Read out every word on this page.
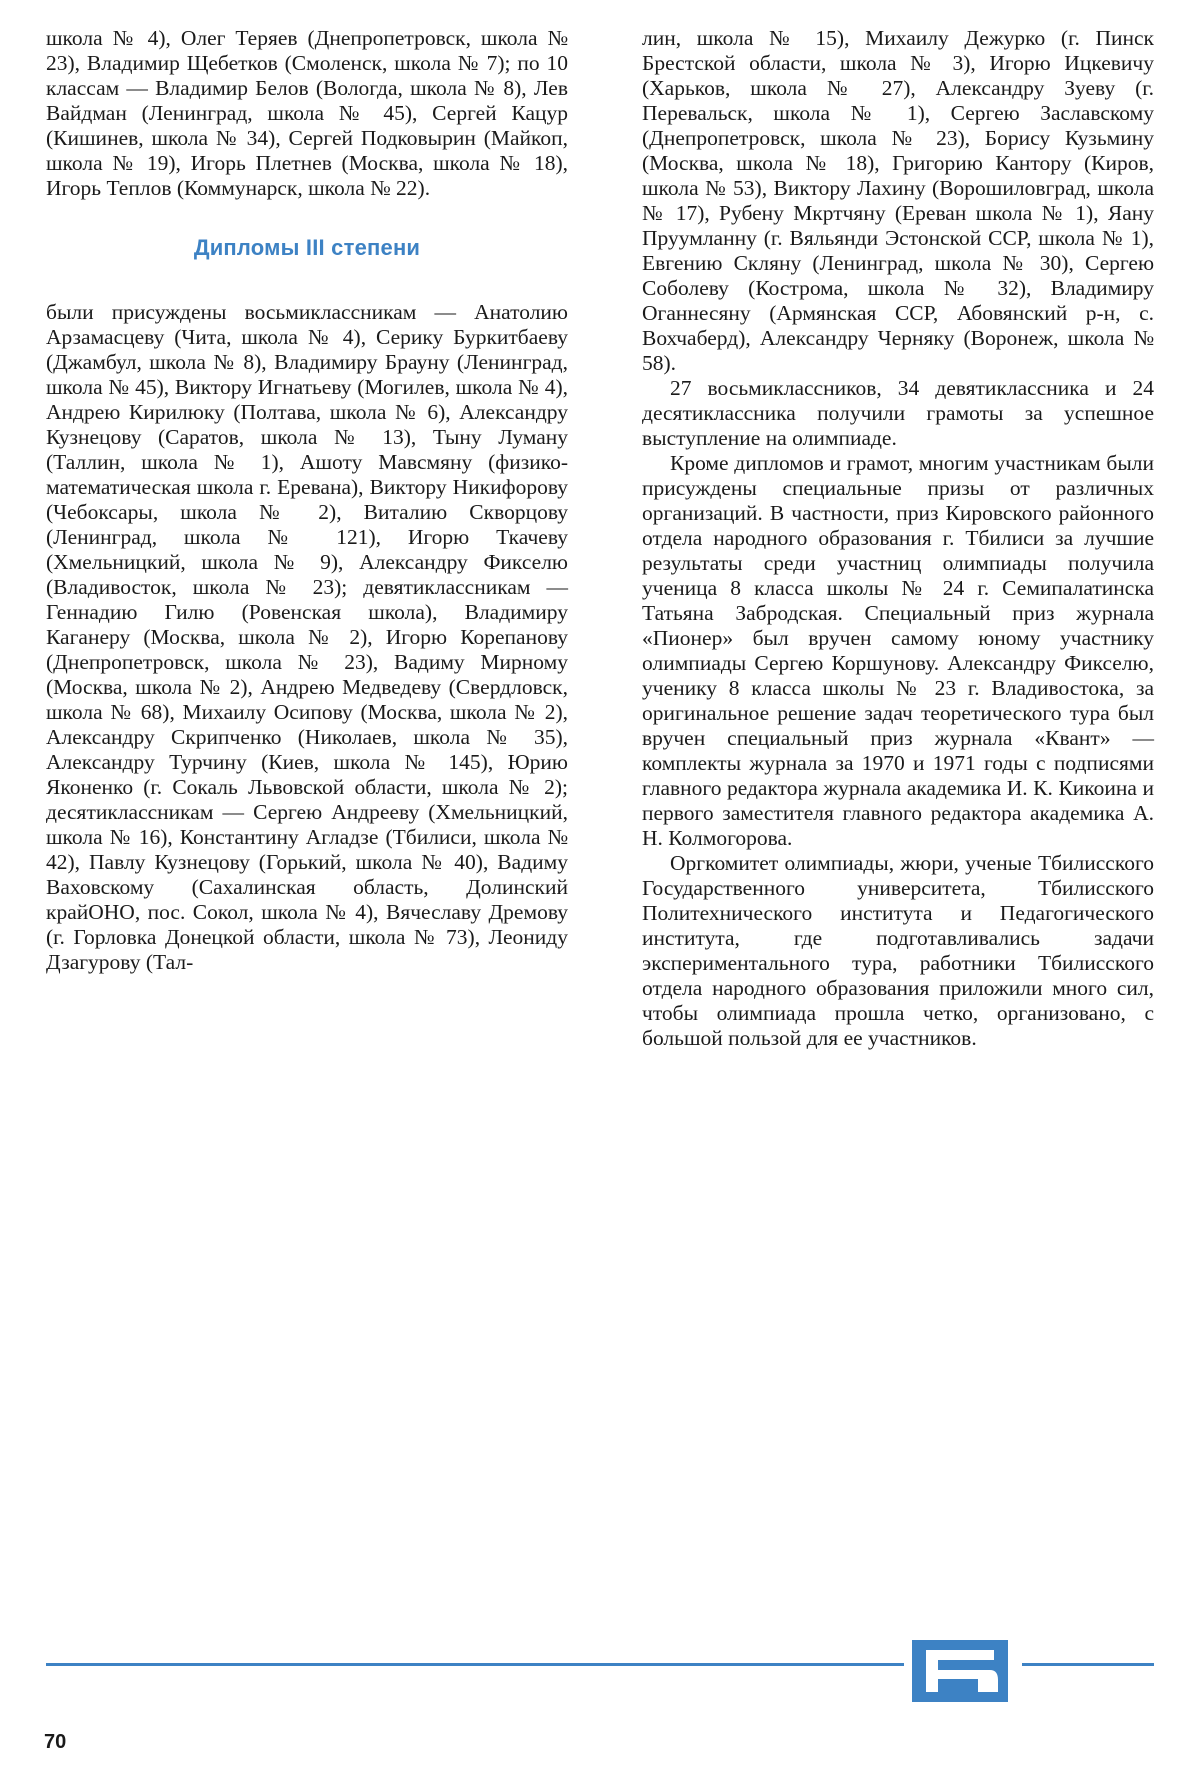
школа № 4), Олег Теряев (Днепропетровск, школа № 23), Владимир Щебетков (Смоленск, школа № 7); по 10 классам — Владимир Белов (Вологда, школа № 8), Лев Вайдман (Ленинград, школа № 45), Сергей Кацур (Кишинев, школа № 34), Сергей Подковырин (Майкоп, школа № 19), Игорь Плетнев (Москва, школа № 18), Игорь Теплов (Коммунарск, школа № 22).

Дипломы III степени

были присуждены восьмиклассникам — Анатолию Арзамасцеву (Чита, школа № 4), Серику Буркитбаеву (Джамбул, школа № 8), Владимиру Брауну (Ленинград, школа № 45), Виктору Игнатьеву (Могилев, школа № 4), Андрею Кирилюку (Полтава, школа № 6), Александру Кузнецову (Саратов, школа № 13), Тыну Луману (Таллин, школа № 1), Ашоту Мавсмяну (физико-математическая школа г. Еревана), Виктору Никифорову (Чебоксары, школа № 2), Виталию Скворцову (Ленинград, школа № 121), Игорю Ткачеву (Хмельницкий, школа № 9), Александру Фикселю (Владивосток, школа № 23); девятиклассникам — Геннадию Гилю (Ровенская школа), Владимиру Каганеру (Москва, школа № 2), Игорю Корепанову (Днепропетровск, школа № 23), Вадиму Мирному (Москва, школа № 2), Андрею Медведеву (Свердловск, школа № 68), Михаилу Осипову (Москва, школа № 2), Александру Скрипченко (Николаев, школа № 35), Александру Турчину (Киев, школа № 145), Юрию Яконенко (г. Сокаль Львовской области, школа № 2); десятиклассникам — Сергею Андрееву (Хмельницкий, школа № 16), Константину Агладзе (Тбилиси, школа № 42), Павлу Кузнецову (Горький, школа № 40), Вадиму Ваховскому (Сахалинская область, Долинский крайОНО, пос. Сокол, школа № 4), Вячеславу Дремову (г. Горловка Донецкой области, школа № 73), Леониду Дзагурову (Тал-

лин, школа № 15), Михаилу Дежурко (г. Пинск Брестской области, школа № 3), Игорю Ицкевичу (Харьков, школа № 27), Александру Зуеву (г. Перевальск, школа № 1), Сергею Заславскому (Днепропетровск, школа № 23), Борису Кузьмину (Москва, школа № 18), Григорию Кантору (Киров, школа № 53), Виктору Лахину (Ворошиловград, школа № 17), Рубену Мкртчяну (Ереван школа № 1), Яану Пруумланну (г. Вяльянди Эстонской ССР, школа № 1), Евгению Скляну (Ленинград, школа № 30), Сергею Соболеву (Кострома, школа № 32), Владимиру Оганнесяну (Армянская ССР, Абовянский р-н, с. Вохчаберд), Александру Черняку (Воронеж, школа № 58).

27 восьмиклассников, 34 девятиклассника и 24 десятиклассника получили грамоты за успешное выступление на олимпиаде.

Кроме дипломов и грамот, многим участникам были присуждены специальные призы от различных организаций. В частности, приз Кировского районного отдела народного образования г. Тбилиси за лучшие результаты среди участниц олимпиады получила ученица 8 класса школы № 24 г. Семипалатинска Татьяна Забродская. Специальный приз журнала «Пионер» был вручен самому юному участнику олимпиады Сергею Коршунову. Александру Фикселю, ученику 8 класса школы № 23 г. Владивостока, за оригинальное решение задач теоретического тура был вручен специальный приз журнала «Квант» — комплекты журнала за 1970 и 1971 годы с подписями главного редактора журнала академика И. К. Кикоина и первого заместителя главного редактора академика А. Н. Колмогорова.

Оргкомитет олимпиады, жюри, ученые Тбилисского Государственного университета, Тбилисского Политехнического института и Педагогического института, где подготавливались задачи экспериментального тура, работники Тбилисского отдела народного образования приложили много сил, чтобы олимпиада прошла четко, организовано, с большой пользой для ее участников.

70
